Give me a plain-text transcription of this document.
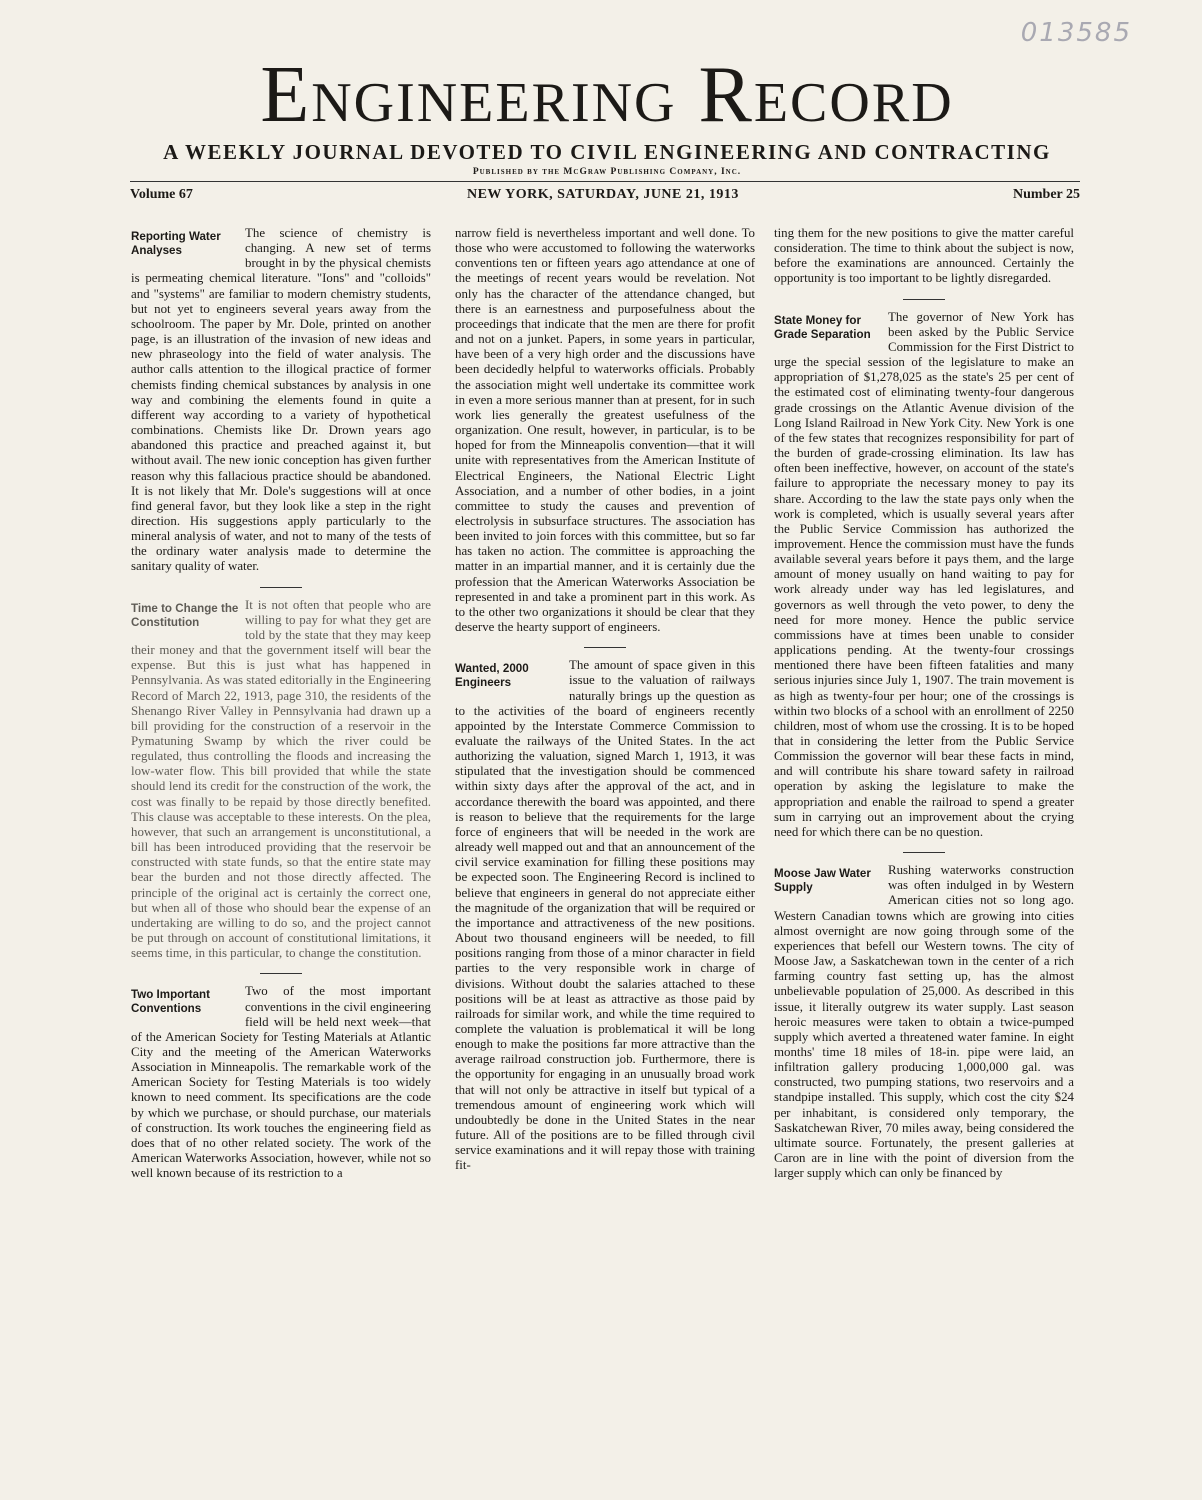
013585
Engineering Record
A WEEKLY JOURNAL DEVOTED TO CIVIL ENGINEERING AND CONTRACTING
Published by the McGraw Publishing Company, Inc.
Volume 67	NEW YORK, SATURDAY, JUNE 21, 1913	Number 25
Reporting Water Analyses

The science of chemistry is changing. A new set of terms brought in by the physical chemists is permeating chemical literature. "Ions" and "colloids" and "systems" are familiar to modern chemistry students, but not yet to engineers several years away from the schoolroom. The paper by Mr. Dole, printed on another page, is an illustration of the invasion of new ideas and new phraseology into the field of water analysis. The author calls attention to the illogical practice of former chemists finding chemical substances by analysis in one way and combining the elements found in quite a different way according to a variety of hypothetical combinations. Chemists like Dr. Drown years ago abandoned this practice and preached against it, but without avail. The new ionic conception has given further reason why this fallacious practice should be abandoned. It is not likely that Mr. Dole's suggestions will at once find general favor, but they look like a step in the right direction. His suggestions apply particularly to the mineral analysis of water, and not to many of the tests of the ordinary water analysis made to determine the sanitary quality of water.

Time to Change the Constitution

It is not often that people who are willing to pay for what they get are told by the state that they may keep their money and that the government itself will bear the expense. But this is just what has happened in Pennsylvania. As was stated editorially in the Engineering Record of March 22, 1913, page 310, the residents of the Shenango River Valley in Pennsylvania had drawn up a bill providing for the construction of a reservoir in the Pymatuning Swamp by which the river could be regulated, thus controlling the floods and increasing the low-water flow. This bill provided that while the state should lend its credit for the construction of the work, the cost was finally to be repaid by those directly benefited. This clause was acceptable to these interests. On the plea, however, that such an arrangement is unconstitutional, a bill has been introduced providing that the reservoir be constructed with state funds, so that the entire state may bear the burden and not those directly affected. The principle of the original act is certainly the correct one, but when all of those who should bear the expense of an undertaking are willing to do so, and the project cannot be put through on account of constitutional limitations, it seems time, in this particular, to change the constitution.

Two Important Conventions

Two of the most important conventions in the civil engineering field will be held next week—that of the American Society for Testing Materials at Atlantic City and the meeting of the American Waterworks Association in Minneapolis. The remarkable work of the American Society for Testing Materials is too widely known to need comment. Its specifications are the code by which we purchase, or should purchase, our materials of construction. Its work touches the engineering field as does that of no other related society. The work of the American Waterworks Association, however, while not so well known because of its restriction to a

narrow field is nevertheless important and well done. To those who were accustomed to following the waterworks conventions ten or fifteen years ago attendance at one of the meetings of recent years would be revelation. Not only has the character of the attendance changed, but there is an earnestness and purposefulness about the proceedings that indicate that the men are there for profit and not on a junket. Papers, in some years in particular, have been of a very high order and the discussions have been decidedly helpful to waterworks officials. Probably the association might well undertake its committee work in even a more serious manner than at present, for in such work lies generally the greatest usefulness of the organization. One result, however, in particular, is to be hoped for from the Minneapolis convention—that it will unite with representatives from the American Institute of Electrical Engineers, the National Electric Light Association, and a number of other bodies, in a joint committee to study the causes and prevention of electrolysis in subsurface structures. The association has been invited to join forces with this committee, but so far has taken no action. The committee is approaching the matter in an impartial manner, and it is certainly due the profession that the American Waterworks Association be represented in and take a prominent part in this work. As to the other two organizations it should be clear that they deserve the hearty support of engineers.

Wanted, 2000 Engineers

The amount of space given in this issue to the valuation of railways naturally brings up the question as to the activities of the board of engineers recently appointed by the Interstate Commerce Commission to evaluate the railways of the United States. In the act authorizing the valuation, signed March 1, 1913, it was stipulated that the investigation should be commenced within sixty days after the approval of the act, and in accordance therewith the board was appointed, and there is reason to believe that the requirements for the large force of engineers that will be needed in the work are already well mapped out and that an announcement of the civil service examination for filling these positions may be expected soon. The Engineering Record is inclined to believe that engineers in general do not appreciate either the magnitude of the organization that will be required or the importance and attractiveness of the new positions. About two thousand engineers will be needed, to fill positions ranging from those of a minor character in field parties to the very responsible work in charge of divisions. Without doubt the salaries attached to these positions will be at least as attractive as those paid by railroads for similar work, and while the time required to complete the valuation is problematical it will be long enough to make the positions far more attractive than the average railroad construction job. Furthermore, there is the opportunity for engaging in an unusually broad work that will not only be attractive in itself but typical of a tremendous amount of engineering work which will undoubtedly be done in the United States in the near future. All of the positions are to be filled through civil service examinations and it will repay those with training fit-

ting them for the new positions to give the matter careful consideration. The time to think about the subject is now, before the examinations are announced. Certainly the opportunity is too important to be lightly disregarded.

State Money for Grade Separation

The governor of New York has been asked by the Public Service Commission for the First District to urge the special session of the legislature to make an appropriation of $1,278,025 as the state's 25 per cent of the estimated cost of eliminating twenty-four dangerous grade crossings on the Atlantic Avenue division of the Long Island Railroad in New York City. New York is one of the few states that recognizes responsibility for part of the burden of grade-crossing elimination. Its law has often been ineffective, however, on account of the state's failure to appropriate the necessary money to pay its share. According to the law the state pays only when the work is completed, which is usually several years after the Public Service Commission has authorized the improvement. Hence the commission must have the funds available several years before it pays them, and the large amount of money usually on hand waiting to pay for work already under way has led legislatures, and governors as well through the veto power, to deny the need for more money. Hence the public service commissions have at times been unable to consider applications pending. At the twenty-four crossings mentioned there have been fifteen fatalities and many serious injuries since July 1, 1907. The train movement is as high as twenty-four per hour; one of the crossings is within two blocks of a school with an enrollment of 2250 children, most of whom use the crossing. It is to be hoped that in considering the letter from the Public Service Commission the governor will bear these facts in mind, and will contribute his share toward safety in railroad operation by asking the legislature to make the appropriation and enable the railroad to spend a greater sum in carrying out an improvement about the crying need for which there can be no question.

Moose Jaw Water Supply

Rushing waterworks construction was often indulged in by Western American cities not so long ago. Western Canadian towns which are growing into cities almost overnight are now going through some of the experiences that befell our Western towns. The city of Moose Jaw, a Saskatchewan town in the center of a rich farming country fast setting up, has the almost unbelievable population of 25,000. As described in this issue, it literally outgrew its water supply. Last season heroic measures were taken to obtain a twice-pumped supply which averted a threatened water famine. In eight months' time 18 miles of 18-in. pipe were laid, an infiltration gallery producing 1,000,000 gal. was constructed, two pumping stations, two reservoirs and a standpipe installed. This supply, which cost the city $24 per inhabitant, is considered only temporary, the Saskatchewan River, 70 miles away, being considered the ultimate source. Fortunately, the present galleries at Caron are in line with the point of diversion from the larger supply which can only be financed by
